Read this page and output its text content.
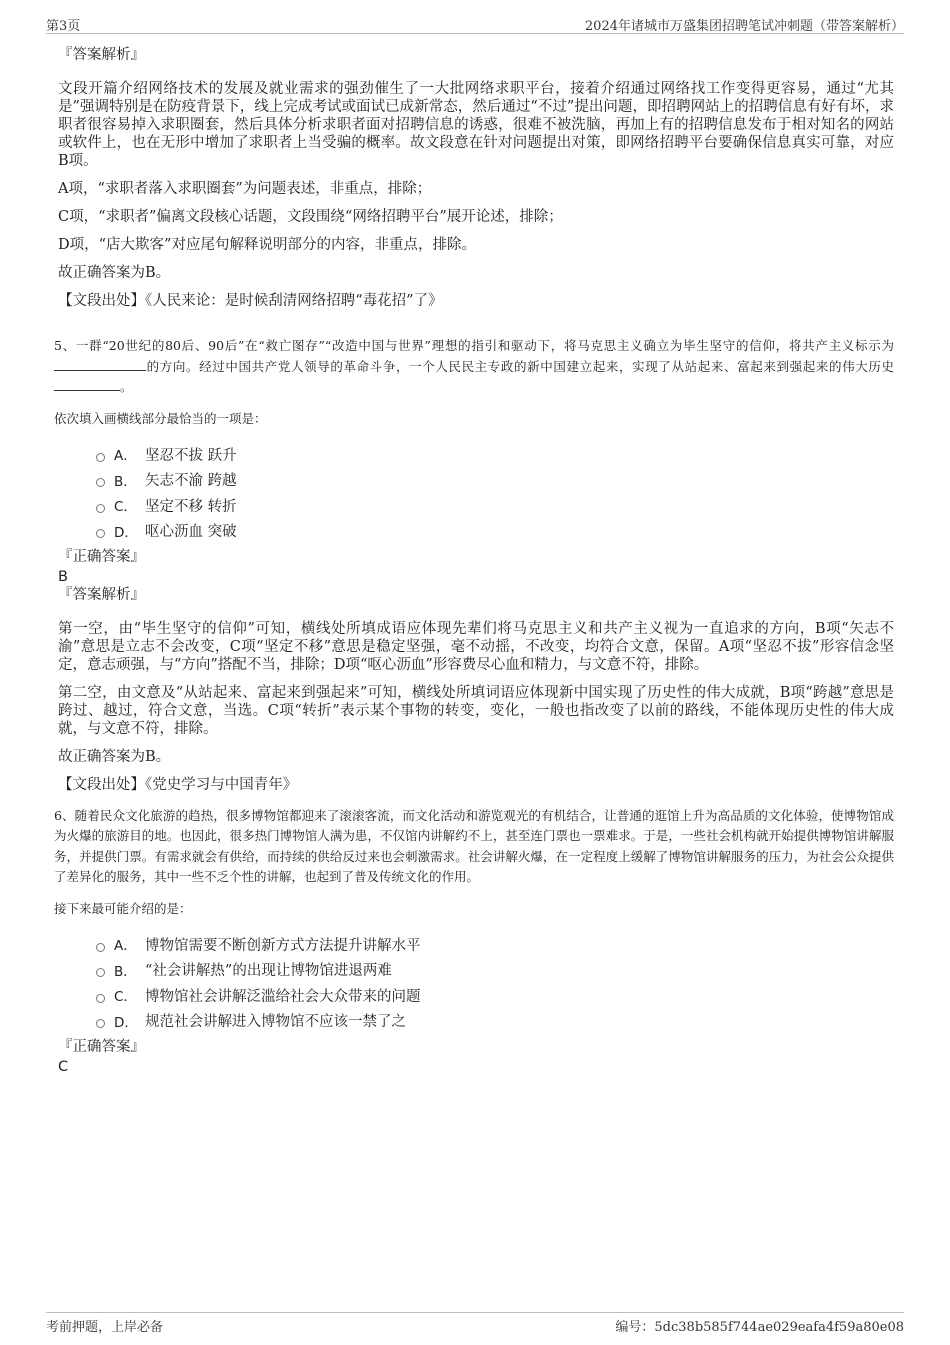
第3页	2024年诸城市万盛集团招聘笔试冲刺题（带答案解析）
『答案解析』

文段开篇介绍网络技术的发展及就业需求的强劲催生了一大批网络求职平台，接着介绍通过网络找工作变得更容易，通过“尤其是”强调特别是在防疫背景下，线上完成考试或面试已成新常态，然后通过“不过”提出问题，即招聘网站上的招聘信息有好有坏，求职者很容易掉入求职圈套，然后具体分析求职者面对招聘信息的诱惑，很难不被洗脑，再加上有的招聘信息发布于相对知名的网站或软件上，也在无形中增加了求职者上当受骗的概率。故文段意在针对问题提出对策，即网络招聘平台要确保信息真实可靠，对应B项。

A项，“求职者落入求职圈套”为问题表述，非重点，排除；

C项，“求职者”偏离文段核心话题，文段围绕“网络招聘平台”展开论述，排除；

D项，“店大欺客”对应尾句解释说明部分的内容，非重点，排除。

故正确答案为B。

【文段出处】《人民来论：是时候刮清网络招聘“毒花招”了》

5、一群“20世纪的80后、90后”在“救亡图存”“改造中国与世界”理想的指引和驱动下，将马克思主义确立为毕生坚守的信仰，将共产主义标示为的方向。经过中国共产党人领导的革命斗争，一个人民民主专政的新中国建立起来，实现了从站起来、富起来到强起来的伟大历史。

依次填入画横线部分最恰当的一项是：

A． 坚忍不拔 跃升
B． 矢志不渝 跨越
C． 坚定不移 转折
D． 呕心沥血 突破
『正确答案』
B
『答案解析』

第一空，由“毕生坚守的信仰”可知，横线处所填成语应体现先辈们将马克思主义和共产主义视为一直追求的方向，B项“矢志不渝”意思是立志不会改变，C项“坚定不移”意思是稳定坚强，毫不动摇，不改变，均符合文意，保留。A项“坚忍不拔”形容信念坚定，意志顽强，与“方向”搭配不当，排除；D项“呕心沥血”形容费尽心血和精力，与文意不符，排除。

第二空，由文意及“从站起来、富起来到强起来”可知，横线处所填词语应体现新中国实现了历史性的伟大成就，B项“跨越”意思是跨过、越过，符合文意，当选。C项“转折”表示某个事物的转变，变化，一般也指改变了以前的路线，不能体现历史性的伟大成就，与文意不符，排除。

故正确答案为B。

【文段出处】《党史学习与中国青年》

6、随着民众文化旅游的趋热，很多博物馆都迎来了滚滚客流，而文化活动和游览观光的有机结合，让普通的逛馆上升为高品质的文化体验，使博物馆成为火爆的旅游目的地。也因此，很多热门博物馆人满为患，不仅馆内讲解约不上，甚至连门票也一票难求。于是，一些社会机构就开始提供博物馆讲解服务，并提供门票。有需求就会有供给，而持续的供给反过来也会刺激需求。社会讲解火爆，在一定程度上缓解了博物馆讲解服务的压力，为社会公众提供了差异化的服务，其中一些不乏个性的讲解，也起到了普及传统文化的作用。

接下来最可能介绍的是：

A． 博物馆需要不断创新方式方法提升讲解水平
B． “社会讲解热”的出现让博物馆进退两难
C． 博物馆社会讲解泛滥给社会大众带来的问题
D． 规范社会讲解进入博物馆不应该一禁了之
『正确答案』
C
考前押题，上岸必备	编号：5dc38b585f744ae029eafa4f59a80e08
